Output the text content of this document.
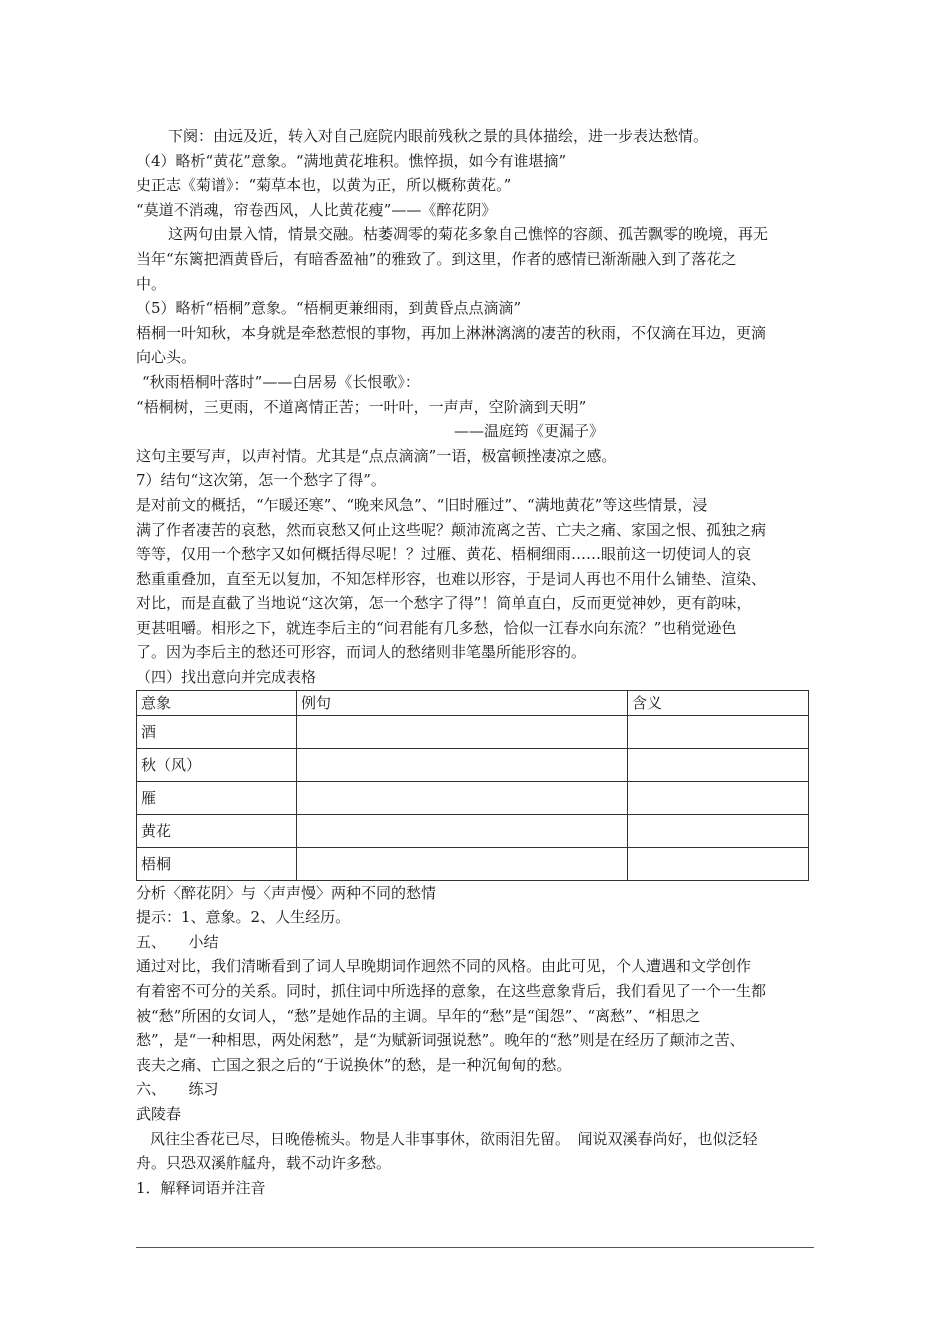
下阕：由远及近，转入对自己庭院内眼前残秋之景的具体描绘，进一步表达愁情。

（4）略析“黄花”意象。“满地黄花堆积。憔悴损，如今有谁堪摘”

史正志《菊谱》：“菊草本也，以黄为正，所以概称黄花。”

“莫道不消魂，帘卷西风，人比黄花瘦”——《醉花阴》

这两句由景入情，情景交融。枯萎凋零的菊花多象自己憔悴的容颜、孤苦飘零的晚境，再无

当年“东篱把酒黄昏后，有暗香盈袖”的雅致了。到这里，作者的感情已渐渐融入到了落花之

中。

（5）略析“梧桐”意象。“梧桐更兼细雨，到黄昏点点滴滴”

梧桐一叶知秋，本身就是牵愁惹恨的事物，再加上淋淋漓漓的凄苦的秋雨，不仅滴在耳边，更滴

向心头。

“秋雨梧桐叶落时”——白居易《长恨歌》：

“梧桐树，三更雨，不道离情正苦；一叶叶，一声声，空阶滴到天明”

——温庭筠《更漏子》

这句主要写声，以声衬情。尤其是“点点滴滴”一语，极富顿挫凄凉之感。

7）结句“这次第，怎一个愁字了得”。

是对前文的概括，“乍暖还寒”、“晚来风急”、“旧时雁过”、“满地黄花”等这些情景，浸

满了作者凄苦的哀愁，然而哀愁又何止这些呢？颠沛流离之苦、亡夫之痛、家国之恨、孤独之病

等等，仅用一个愁字又如何概括得尽呢！？过雁、黄花、梧桐细雨……眼前这一切使词人的哀

愁重重叠加，直至无以复加，不知怎样形容，也难以形容，于是词人再也不用什么铺垫、渲染、

对比，而是直截了当地说“这次第，怎一个愁字了得”！简单直白，反而更觉神妙，更有韵味，

更甚咀嚼。相形之下，就连李后主的“问君能有几多愁，恰似一江春水向东流？”也稍觉逊色

了。因为李后主的愁还可形容，而词人的愁绪则非笔墨所能形容的。

（四）找出意向并完成表格

意象	例句	含义
酒		
秋（风）		
雁		
黄花		
梧桐		

分析〈醉花阴〉与〈声声慢〉两种不同的愁情

提示：1、意象。2、人生经历。

五、　　小结

通过对比，我们清晰看到了词人早晚期词作迥然不同的风格。由此可见，个人遭遇和文学创作

有着密不可分的关系。同时，抓住词中所选择的意象，在这些意象背后，我们看见了一个一生都

被“愁”所困的女词人，“愁”是她作品的主调。早年的“愁”是“闺怨”、“离愁”、“相思之

愁”，是“一种相思，两处闲愁”，是“为赋新词强说愁”。晚年的“愁”则是在经历了颠沛之苦、

丧夫之痛、亡国之狠之后的“于说换休”的愁，是一种沉甸甸的愁。

六、　　练习

武陵春

风往尘香花已尽，日晚倦梳头。物是人非事事休，欲雨泪先留。　闻说双溪春尚好，也似泛轻

舟。只恐双溪舴艋舟，载不动许多愁。

1．解释词语并注音
